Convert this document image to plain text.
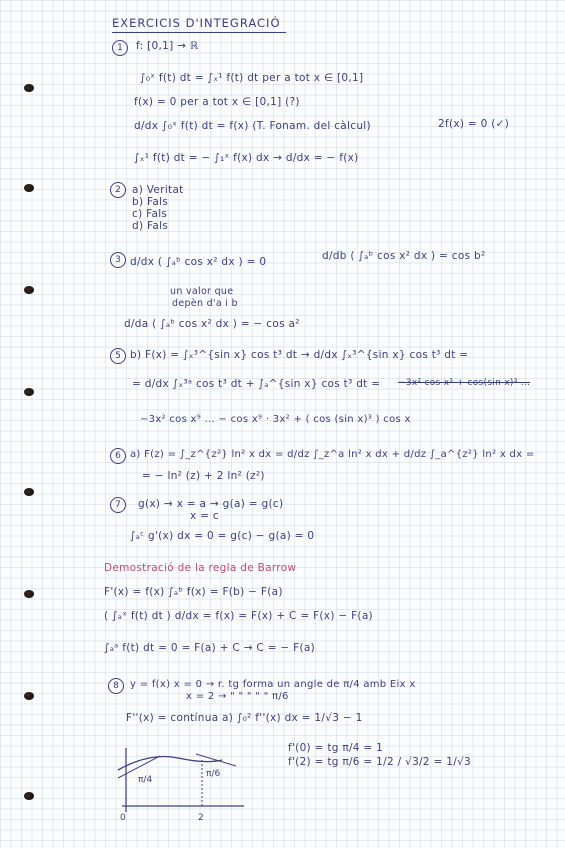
EXERCICIS D'INTEGRACIÓ
1	f: [0,1] → ℝ
∫₀ˣ f(t) dt = ∫ₓ¹ f(t) dt per a tot x ∈ [0,1]
f(x) = 0 per a tot x ∈ [0,1] (?)
d/dx ∫₀ˣ f(t) dt = f(x) (T. Fonam. del càlcul)	2f(x) = 0 (✓)
∫ₓ¹ f(t) dt = − ∫₁ˣ f(x) dx → d/dx = − f(x)
2	a) Veritat
b) Fals
c) Fals
d) Fals
3 d/dx ( ∫ₐᵇ cos x² dx ) = 0	d/db ( ∫ₐᵇ cos x² dx ) = cos b²
un valor que
depèn d'a i b
d/da ( ∫ₐᵇ cos x² dx ) = − cos a²
5 b) F(x) = ∫ₓ³^{sin x} cos t³ dt → d/dx ∫ₓ³^{sin x} cos t³ dt =
= d/dx ∫ₓ³ᵃ cos t³ dt + ∫ₐ^{sin x} cos t³ dt = −3x² cos x³ + cos(sin x)³ ...
−3x² cos x⁹ ... − cos x⁹ · 3x² + ( cos (sin x)³ ) cos x
6 a) F(z) = ∫_z^{z²} ln² x dx = d/dz ∫_z^a ln² x dx + d/dz ∫_a^{z²} ln² x dx =
= − ln² (z) + 2 ln² (z²)
7	g(x) → x = a → g(a) = g(c)
x = c
∫ₐᶜ g'(x) dx = 0 = g(c) − g(a) = 0
Demostració de la regla de Barrow
F'(x) = f(x) ∫ₐᵇ f(x) = F(b) − F(a)
( ∫ₐˣ f(t) dt ) d/dx = f(x) = F(x) + C = F(x) − F(a)
∫ₐᵃ f(t) dt = 0 = F(a) + C → C = − F(a)
8	y = f(x) x = 0 → r. tg forma un angle de π/4 amb Eix x
x = 2 → " " " " " π/6
F''(x) = contínua a) ∫₀² f''(x) dx = 1/√3 − 1
f'(0) = tg π/4 = 1
f'(2) = tg π/6 = 1/2 / √3/2 = 1/√3
π/4
π/6
0	2
